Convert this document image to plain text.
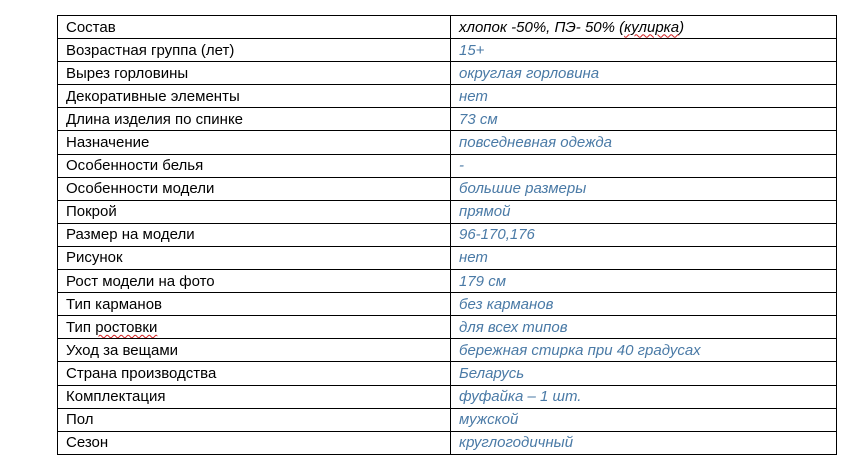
Состав	хлопок -50%, ПЭ- 50% (кулирка)
Возрастная группа (лет)	15+
Вырез горловины	округлая горловина
Декоративные элементы	нет
Длина изделия по спинке	73 см
Назначение	повседневная одежда
Особенности белья	-
Особенности модели	большие размеры
Покрой	прямой
Размер на модели	96-170,176
Рисунок	нет
Рост модели на фото	179 см
Тип карманов	без карманов
Тип ростовки	для всех типов
Уход за вещами	бережная стирка при 40 градусах
Страна производства	Беларусь
Комплектация	фуфайка – 1 шт.
Пол	мужской
Сезон	круглогодичный
